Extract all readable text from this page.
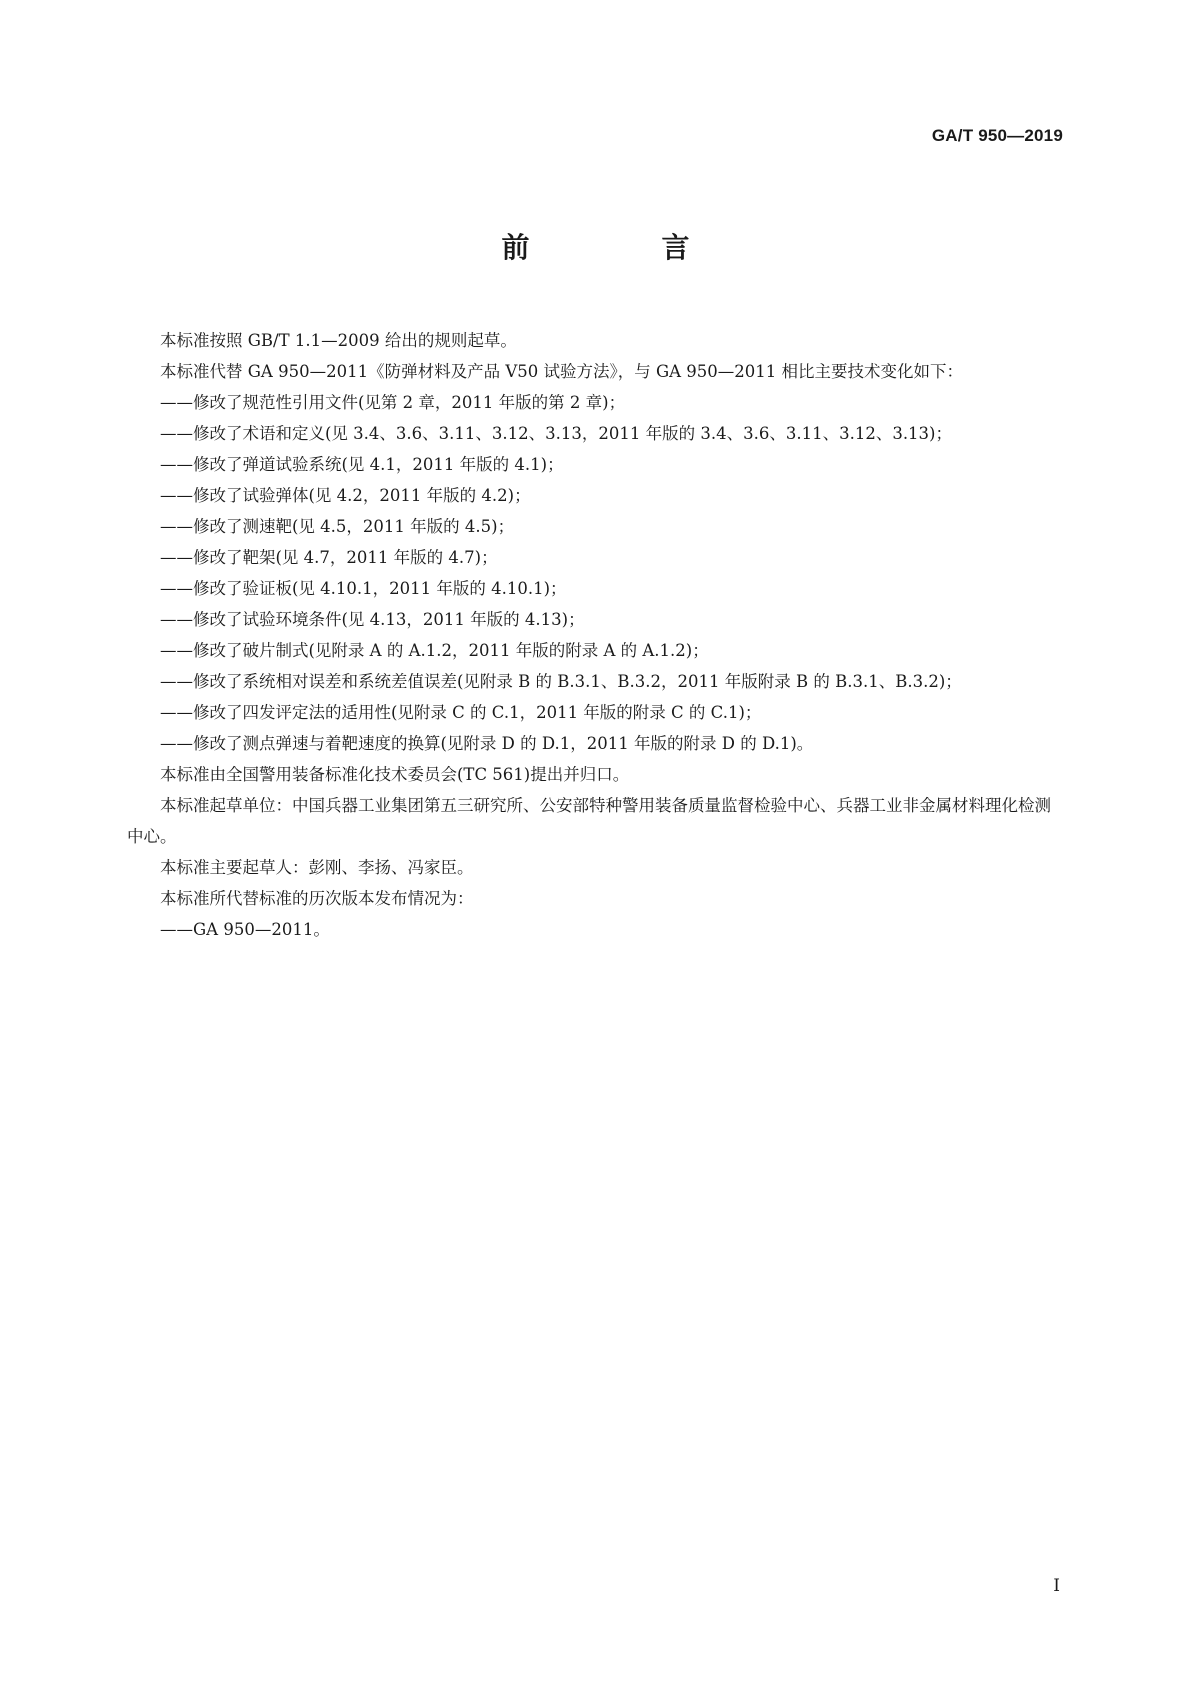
GA/T 950—2019
前　言

本标准按照 GB/T 1.1—2009 给出的规则起草。

本标准代替 GA 950—2011《防弹材料及产品 V50 试验方法》，与 GA 950—2011 相比主要技术变化如下：

——修改了规范性引用文件(见第 2 章，2011 年版的第 2 章)；

——修改了术语和定义(见 3.4、3.6、3.11、3.12、3.13，2011 年版的 3.4、3.6、3.11、3.12、3.13)；

——修改了弹道试验系统(见 4.1，2011 年版的 4.1)；

——修改了试验弹体(见 4.2，2011 年版的 4.2)；

——修改了测速靶(见 4.5，2011 年版的 4.5)；

——修改了靶架(见 4.7，2011 年版的 4.7)；

——修改了验证板(见 4.10.1，2011 年版的 4.10.1)；

——修改了试验环境条件(见 4.13，2011 年版的 4.13)；

——修改了破片制式(见附录 A 的 A.1.2，2011 年版的附录 A 的 A.1.2)；

——修改了系统相对误差和系统差值误差(见附录 B 的 B.3.1、B.3.2，2011 年版附录 B 的 B.3.1、B.3.2)；

——修改了四发评定法的适用性(见附录 C 的 C.1，2011 年版的附录 C 的 C.1)；

——修改了测点弹速与着靶速度的换算(见附录 D 的 D.1，2011 年版的附录 D 的 D.1)。

本标准由全国警用装备标准化技术委员会(TC 561)提出并归口。

本标准起草单位：中国兵器工业集团第五三研究所、公安部特种警用装备质量监督检验中心、兵器工业非金属材料理化检测中心。

本标准主要起草人：彭刚、李扬、冯家臣。

本标准所代替标准的历次版本发布情况为：

——GA 950—2011。

I
